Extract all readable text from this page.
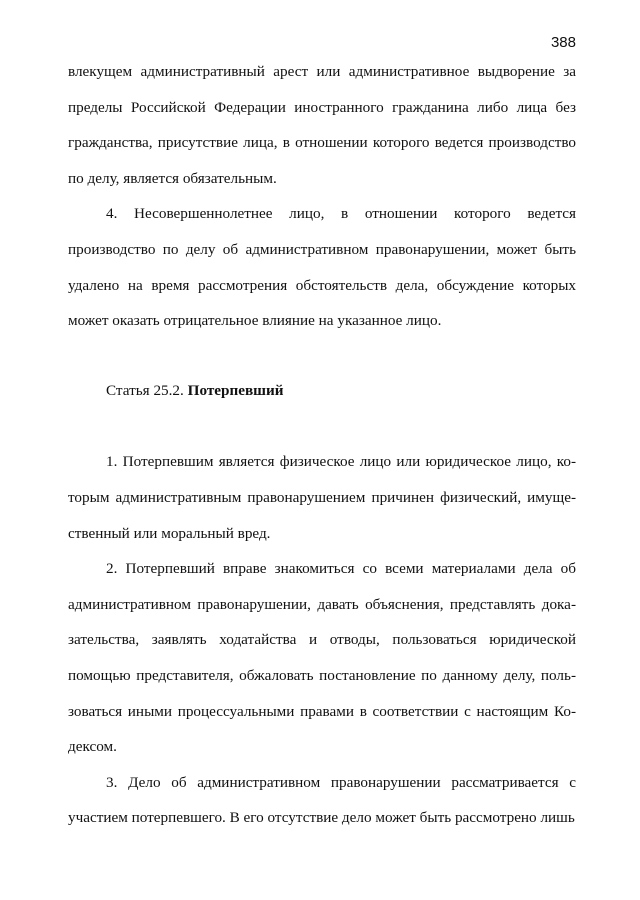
388

влекущем административный арест или административное выдворение за пределы Российской Федерации иностранного гражданина либо лица без гражданства, присутствие лица, в отношении которого ведется производство по делу, является обязательным.

4. Несовершеннолетнее лицо, в отношении которого ведется производство по делу об административном правонарушении, может быть удалено на время рассмотрения обстоятельств дела, обсуждение которых может оказать отрицательное влияние на указанное лицо.

Статья 25.2. Потерпевший

1. Потерпевшим является физическое лицо или юридическое лицо, которым административным правонарушением причинен физический, имущественный или моральный вред.

2. Потерпевший вправе знакомиться со всеми материалами дела об административном правонарушении, давать объяснения, представлять доказательства, заявлять ходатайства и отводы, пользоваться юридической помощью представителя, обжаловать постановление по данному делу, пользоваться иными процессуальными правами в соответствии с настоящим Кодексом.

3. Дело об административном правонарушении рассматривается с участием потерпевшего. В его отсутствие дело может быть рассмотрено лишь
